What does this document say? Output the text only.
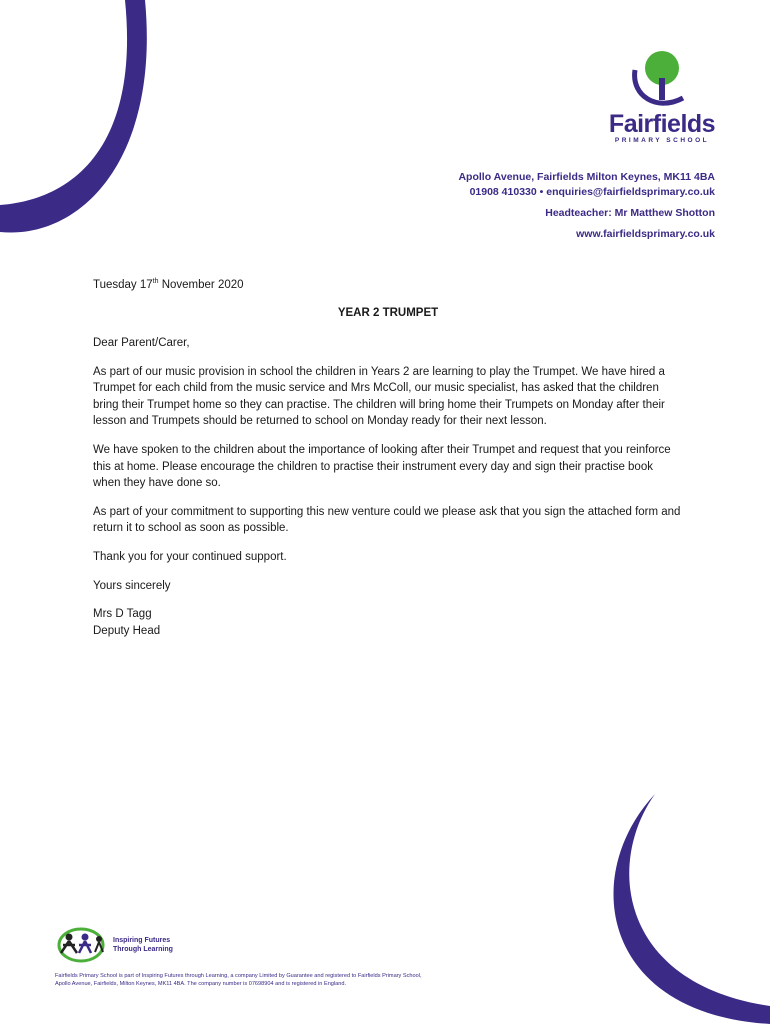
Fairfields
PRIMARY SCHOOL
Apollo Avenue, Fairfields Milton Keynes, MK11 4BA
01908 410330 • enquiries@fairfieldsprimary.co.uk
Headteacher: Mr Matthew Shotton
www.fairfieldsprimary.co.uk

Tuesday 17th November 2020

YEAR 2 TRUMPET

Dear Parent/Carer,

As part of our music provision in school the children in Years 2 are learning to play the Trumpet. We have hired a Trumpet for each child from the music service and Mrs McColl, our music specialist, has asked that the children bring their Trumpet home so they can practise. The children will bring home their Trumpets on Monday after their lesson and Trumpets should be returned to school on Monday ready for their next lesson.

We have spoken to the children about the importance of looking after their Trumpet and request that you reinforce this at home. Please encourage the children to practise their instrument every day and sign their practise book when they have done so.

As part of your commitment to supporting this new venture could we please ask that you sign the attached form and return it to school as soon as possible.

Thank you for your continued support.

Yours sincerely

Mrs D Tagg

Deputy Head

Inspiring Futures
Through Learning
Fairfields Primary School is part of Inspiring Futures through Learning, a company Limited by Guarantee and registered to Fairfields Primary School,
Apollo Avenue, Fairfields, Milton Keynes, MK11 4BA. The company number is 07698904 and is registered in England.
